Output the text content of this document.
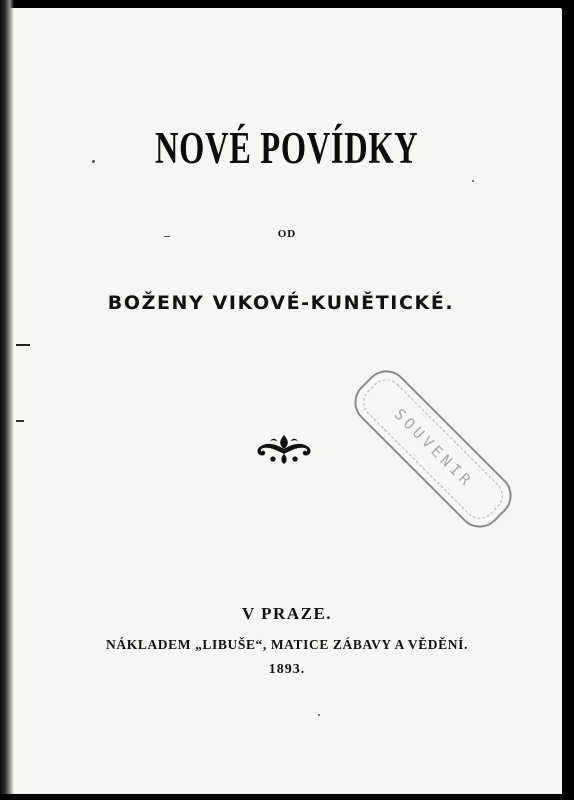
NOVÉ POVÍDKY
OD
BOŽENY VIKOVÉ-KUNĚTICKÉ.
SOUVENIR
V PRAZE.
NÁKLADEM „LIBUŠE“, MATICE ZÁBAVY A VĚDĚNÍ.
1893.
